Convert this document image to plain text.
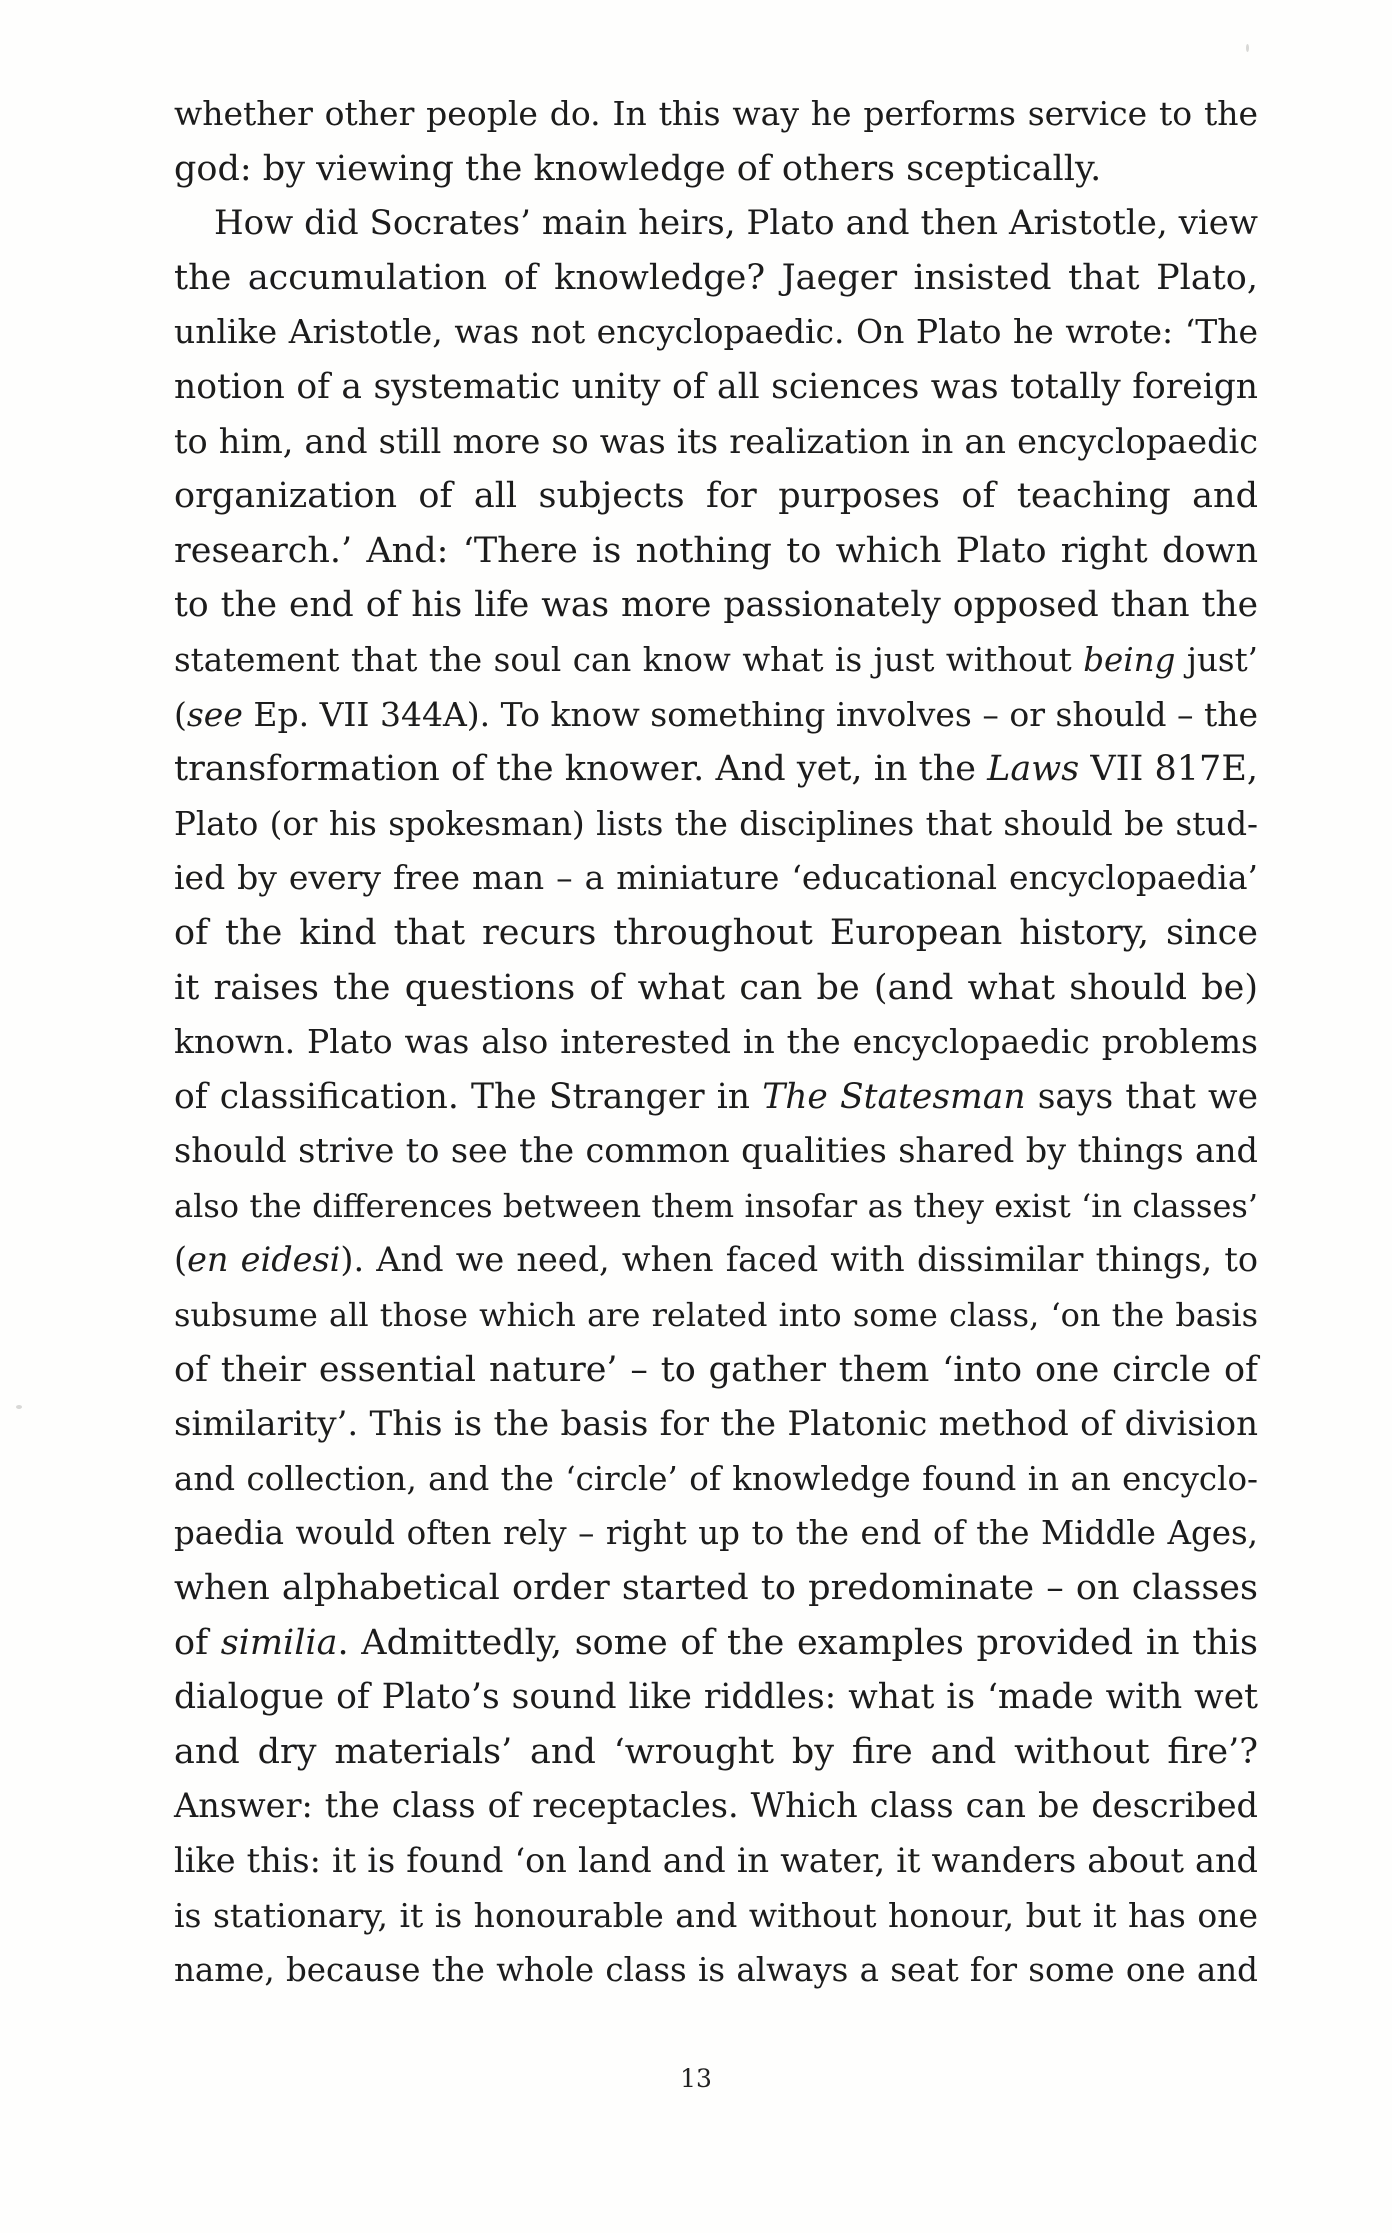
whether other people do. In this way he performs service to the
god: by viewing the knowledge of others sceptically.
How did Socrates’ main heirs, Plato and then Aristotle, view
the accumulation of knowledge? Jaeger insisted that Plato,
unlike Aristotle, was not encyclopaedic. On Plato he wrote: ‘The
notion of a systematic unity of all sciences was totally foreign
to him, and still more so was its realization in an encyclopaedic
organization of all subjects for purposes of teaching and
research.’ And: ‘There is nothing to which Plato right down
to the end of his life was more passionately opposed than the
statement that the soul can know what is just without being just’
(see Ep. VII 344A). To know something involves – or should – the
transformation of the knower. And yet, in the Laws VII 817E,
Plato (or his spokesman) lists the disciplines that should be stud-
ied by every free man – a miniature ‘educational encyclopaedia’
of the kind that recurs throughout European history, since
it raises the questions of what can be (and what should be)
known. Plato was also interested in the encyclopaedic problems
of classification. The Stranger in The Statesman says that we
should strive to see the common qualities shared by things and
also the differences between them insofar as they exist ‘in classes’
(en eidesi). And we need, when faced with dissimilar things, to
subsume all those which are related into some class, ‘on the basis
of their essential nature’ – to gather them ‘into one circle of
similarity’. This is the basis for the Platonic method of division
and collection, and the ‘circle’ of knowledge found in an encyclo-
paedia would often rely – right up to the end of the Middle Ages,
when alphabetical order started to predominate – on classes
of similia. Admittedly, some of the examples provided in this
dialogue of Plato’s sound like riddles: what is ‘made with wet
and dry materials’ and ‘wrought by fire and without fire’?
Answer: the class of receptacles. Which class can be described
like this: it is found ‘on land and in water, it wanders about and
is stationary, it is honourable and without honour, but it has one
name, because the whole class is always a seat for some one and
13
